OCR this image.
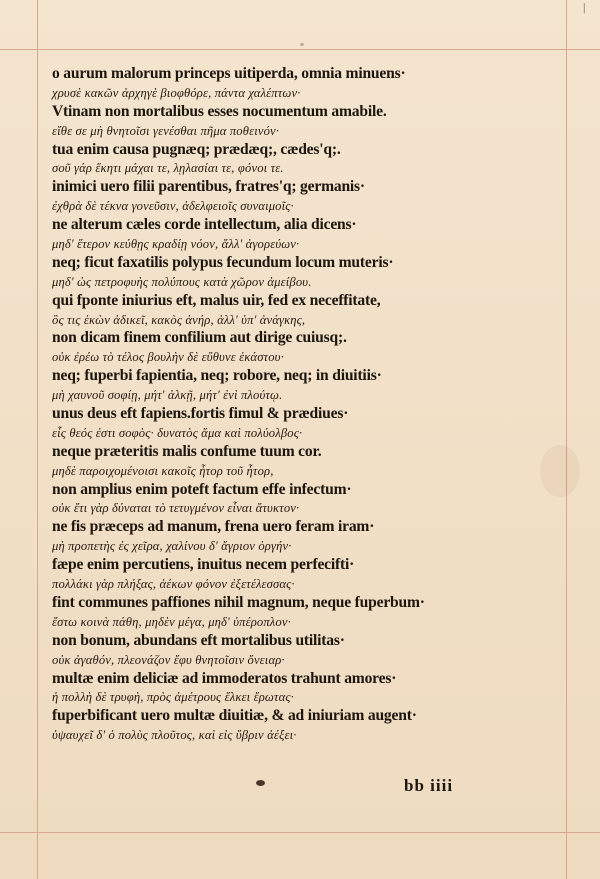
|
o aurum malorum princeps uitiperda, omnia minuens·
χρυσὲ κακῶν ἀρχηγὲ βιοφθόρε, πάντα χαλέπτων·
Vtinam non mortalibus esses nocumentum amabile.
εἴθε σε μὴ θνητοῖσι γενέσθαι πῆμα ποθεινόν·
tua enim causa pugnæq; prædæq;, cædes'q;.
σοῦ γάρ ἕκητι μάχαι τε, λῃλασίαι τε, φόνοι τε.
inimici uero filii parentibus, fratres'q; germanis·
ἐχθρὰ δὲ τέκνα γονεῦσιν, ἀδελφειοῖς συναιμοῖς·
ne alterum cæles corde intellectum, alia dicens·
μηδ' ἕτερον κεύθῃς κραδίῃ νόον, ἄλλ' ἀγορεύων·
neq; ficut faxatilis polypus fecundum locum muteris·
μηδ' ὡς πετροφυὴς πολύπους κατὰ χῶρον ἀμείβου.
qui fponte iniurius eft, malus uir, fed ex neceffitate,
ὃς τις ἑκὼν ἀδικεῖ, κακὸς ἀνήρ, ἀλλ' ὑπ' ἀνάγκης,
non dicam finem confilium aut dirige cuiusq;.
οὐκ ἐρέω τὸ τέλος βουλὴν δὲ εὔθυνε ἑκάστου·
neq; fuperbi fapientia, neq; robore, neq; in diuitiis·
μὴ χαυνοῦ σοφίῃ, μήτ' ἀλκῇ, μήτ' ἐνὶ πλούτῳ.
unus deus eft fapiens.fortis fimul & prædiues·
εἷς θεός ἐστι σοφὸς· δυνατὸς ἅμα καὶ πολύολβος·
neque præteritis malis confume tuum cor.
μηδὲ παροιχομένοισι κακοῖς ἦτορ τοῦ ἦτορ,
non amplius enim poteft factum effe infectum·
οὐκ ἔτι γὰρ δύναται τὸ τετυγμένον εἶναι ἄτυκτον·
ne fis præceps ad manum, frena uero feram iram·
μὴ προπετὴς ἐς χεῖρα, χαλίνου δ' ἄγριον ὀργήν·
fæpe enim percutiens, inuitus necem perfecifti·
πολλάκι γὰρ πλήξας, ἀέκων φόνον ἐξετέλεσσας·
fint communes paffiones nihil magnum, neque fuperbum·
ἔστω κοινὰ πάθη, μηδὲν μέγα, μηδ' ὑπέροπλον·
non bonum, abundans eft mortalibus utilitas·
οὐκ ἀγαθόν, πλεονάζον ἔφυ θνητοῖσιν ὄνειαρ·
multæ enim deliciæ ad immoderatos trahunt amores·
ἡ πολλὴ δὲ τρυφὴ, πρὸς ἀμέτρους ἕλκει ἔρωτας·
fuperbificant uero multæ diuitiæ, & ad iniuriam augent·
ὑψαυχεῖ δ' ὁ πολὺς πλοῦτος, καὶ εἰς ὕβριν ἀέξει·
bb iiii
